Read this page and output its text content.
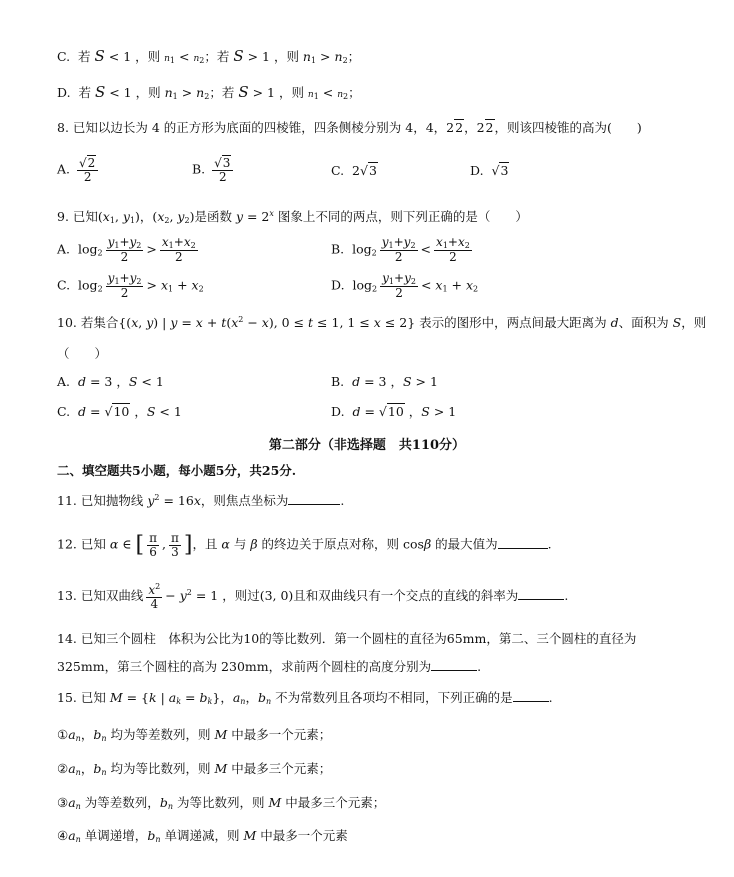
C.  若 S < 1 ，则 $n_1 < n_2$；若 S > 1 ，则 $n_1 > n_2$；
D.  若 S < 1 ，则 $n_1 > n_2$；若 S > 1 ，则 $n_1 < n_2$；
8. 已知以边长为 4 的正方形为底面的四棱锥，四条侧棱分别为 4，4，22，22，则该四棱锥的高为(　　)
A. $\frac{√2}{2}$	B. $\frac{√3}{2}$	C.  2√3	D.  √3
9. 已知($x_1$, $y_1$)，($x_2$, $y_2$)是函数 $y = 2^x$ 图象上不同的两点，则下列正确的是（　　）
A.  $\log_2 \frac{y_1+y_2}{2} > \frac{x_1+x_2}{2}$	B.  $\log_2 \frac{y_1+y_2}{2} < \frac{x_1+x_2}{2}$
C.  $\log_2 \frac{y_1+y_2}{2} > x_1 + x_2$	D.  $\log_2 \frac{y_1+y_2}{2} < x_1 + x_2$
10. 若集合{(x, y) | $y = x + t(x^2 - x)$, 0 ≤ t ≤ 1, 1 ≤ x ≤ 2} 表示的图形中，两点间最大距离为 d、面积为 S，则
（　　）
A.  d = 3 ，S < 1	B.  d = 3 ，S > 1
C.  d = √10 ，S < 1	D.  d = √10 ，S > 1
第二部分（非选择题　共110分）
二、填空题共5小题，每小题5分，共25分.
11. 已知抛物线 $y^2 = 16x$，则焦点坐标为	.
12. 已知 α ∈ [ $\frac{\pi}{6}$ , $\frac{\pi}{3}$ ]，且 α 与 β 的终边关于原点对称，则 cosβ 的最大值为	.
13. 已知双曲线 $\frac{x^2}{4} - y^2 = 1$ ，则过(3, 0)且和双曲线只有一个交点的直线的斜率为	.
14. 已知三个圆柱　体积为公比为10的等比数列．第一个圆柱的直径为65mm，第二、三个圆柱的直径为
325mm，第三个圆柱的高为 230mm，求前两个圆柱的高度分别为	.
15. 已知 M = {k | $a_k = b_k$}，$a_n$，$b_n$ 不为常数列且各项均不相同，下列正确的是	.
$①a_n$，$b_n$ 均为等差数列，则 M 中最多一个元素；
$②a_n$，$b_n$ 均为等比数列，则 M 中最多三个元素；
$③a_n$ 为等差数列，$b_n$ 为等比数列，则 M 中最多三个元素；
$④a_n$ 单调递增，$b_n$ 单调递减，则 M 中最多一个元素
